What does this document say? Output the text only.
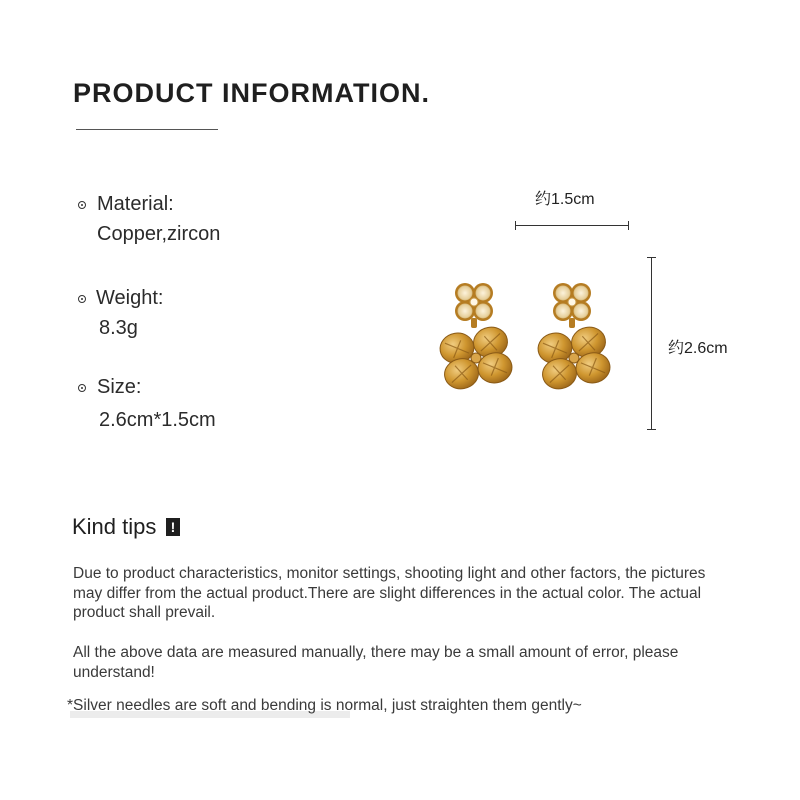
PRODUCT INFORMATION.
Material:
Copper,zircon
Weight:
8.3g
Size:
2.6cm*1.5cm
约1.5cm
约2.6cm
Kind tips	!
Due to product characteristics, monitor settings, shooting light and other factors, the pictures may differ from the actual product.There are slight differences in the actual color. The actual product shall prevail.
All the above data are measured manually, there may be a small amount of error, please understand!
*Silver needles are soft and bending is normal, just straighten them gently~
